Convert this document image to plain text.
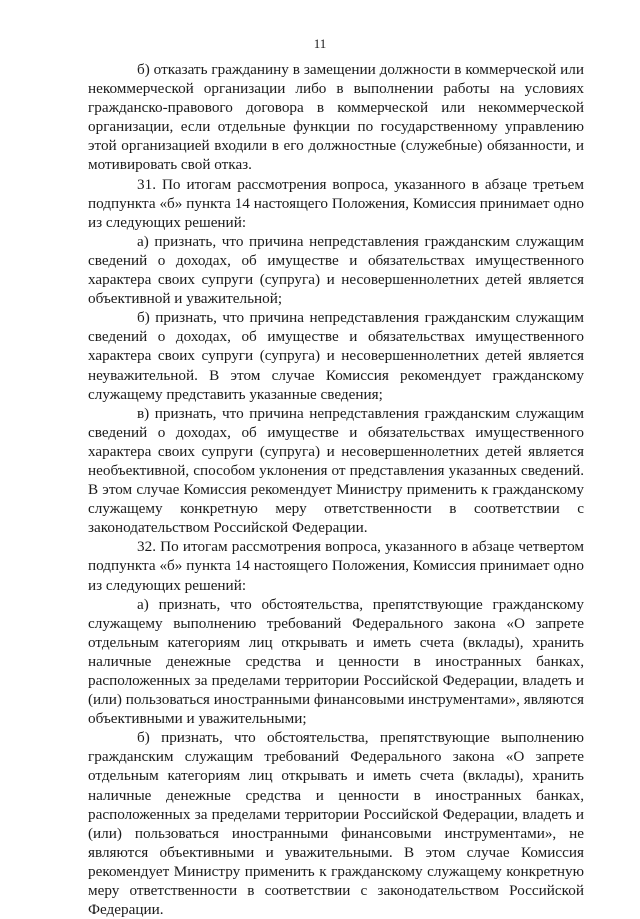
11

б) отказать гражданину в замещении должности в коммерческой или некоммерческой организации либо в выполнении работы на условиях гражданско-правового договора в коммерческой или некоммерческой организации, если отдельные функции по государственному управлению этой организацией входили в его должностные (служебные) обязанности, и мотивировать свой отказ.

31. По итогам рассмотрения вопроса, указанного в абзаце третьем подпункта «б» пункта 14 настоящего Положения, Комиссия принимает одно из следующих решений:

а) признать, что причина непредставления гражданским служащим сведений о доходах, об имуществе и обязательствах имущественного характера своих супруги (супруга) и несовершеннолетних детей является объективной и уважительной;

б) признать, что причина непредставления гражданским служащим сведений о доходах, об имуществе и обязательствах имущественного характера своих супруги (супруга) и несовершеннолетних детей является неуважительной. В этом случае Комиссия рекомендует гражданскому служащему представить указанные сведения;

в) признать, что причина непредставления гражданским служащим сведений о доходах, об имуществе и обязательствах имущественного характера своих супруги (супруга) и несовершеннолетних детей является необъективной, способом уклонения от представления указанных сведений. В этом случае Комиссия рекомендует Министру применить к гражданскому служащему конкретную меру ответственности в соответствии с законодательством Российской Федерации.

32. По итогам рассмотрения вопроса, указанного в абзаце четвертом подпункта «б» пункта 14 настоящего Положения, Комиссия принимает одно из следующих решений:

а) признать, что обстоятельства, препятствующие гражданскому служащему выполнению требований Федерального закона «О запрете отдельным категориям лиц открывать и иметь счета (вклады), хранить наличные денежные средства и ценности в иностранных банках, расположенных за пределами территории Российской Федерации, владеть и (или) пользоваться иностранными финансовыми инструментами», являются объективными и уважительными;

б) признать, что обстоятельства, препятствующие выполнению гражданским служащим требований Федерального закона «О запрете отдельным категориям лиц открывать и иметь счета (вклады), хранить наличные денежные средства и ценности в иностранных банках, расположенных за пределами территории Российской Федерации, владеть и (или) пользоваться иностранными финансовыми инструментами», не являются объективными и уважительными. В этом случае Комиссия рекомендует Министру применить к гражданскому служащему конкретную меру ответственности в соответствии с законодательством Российской Федерации.
